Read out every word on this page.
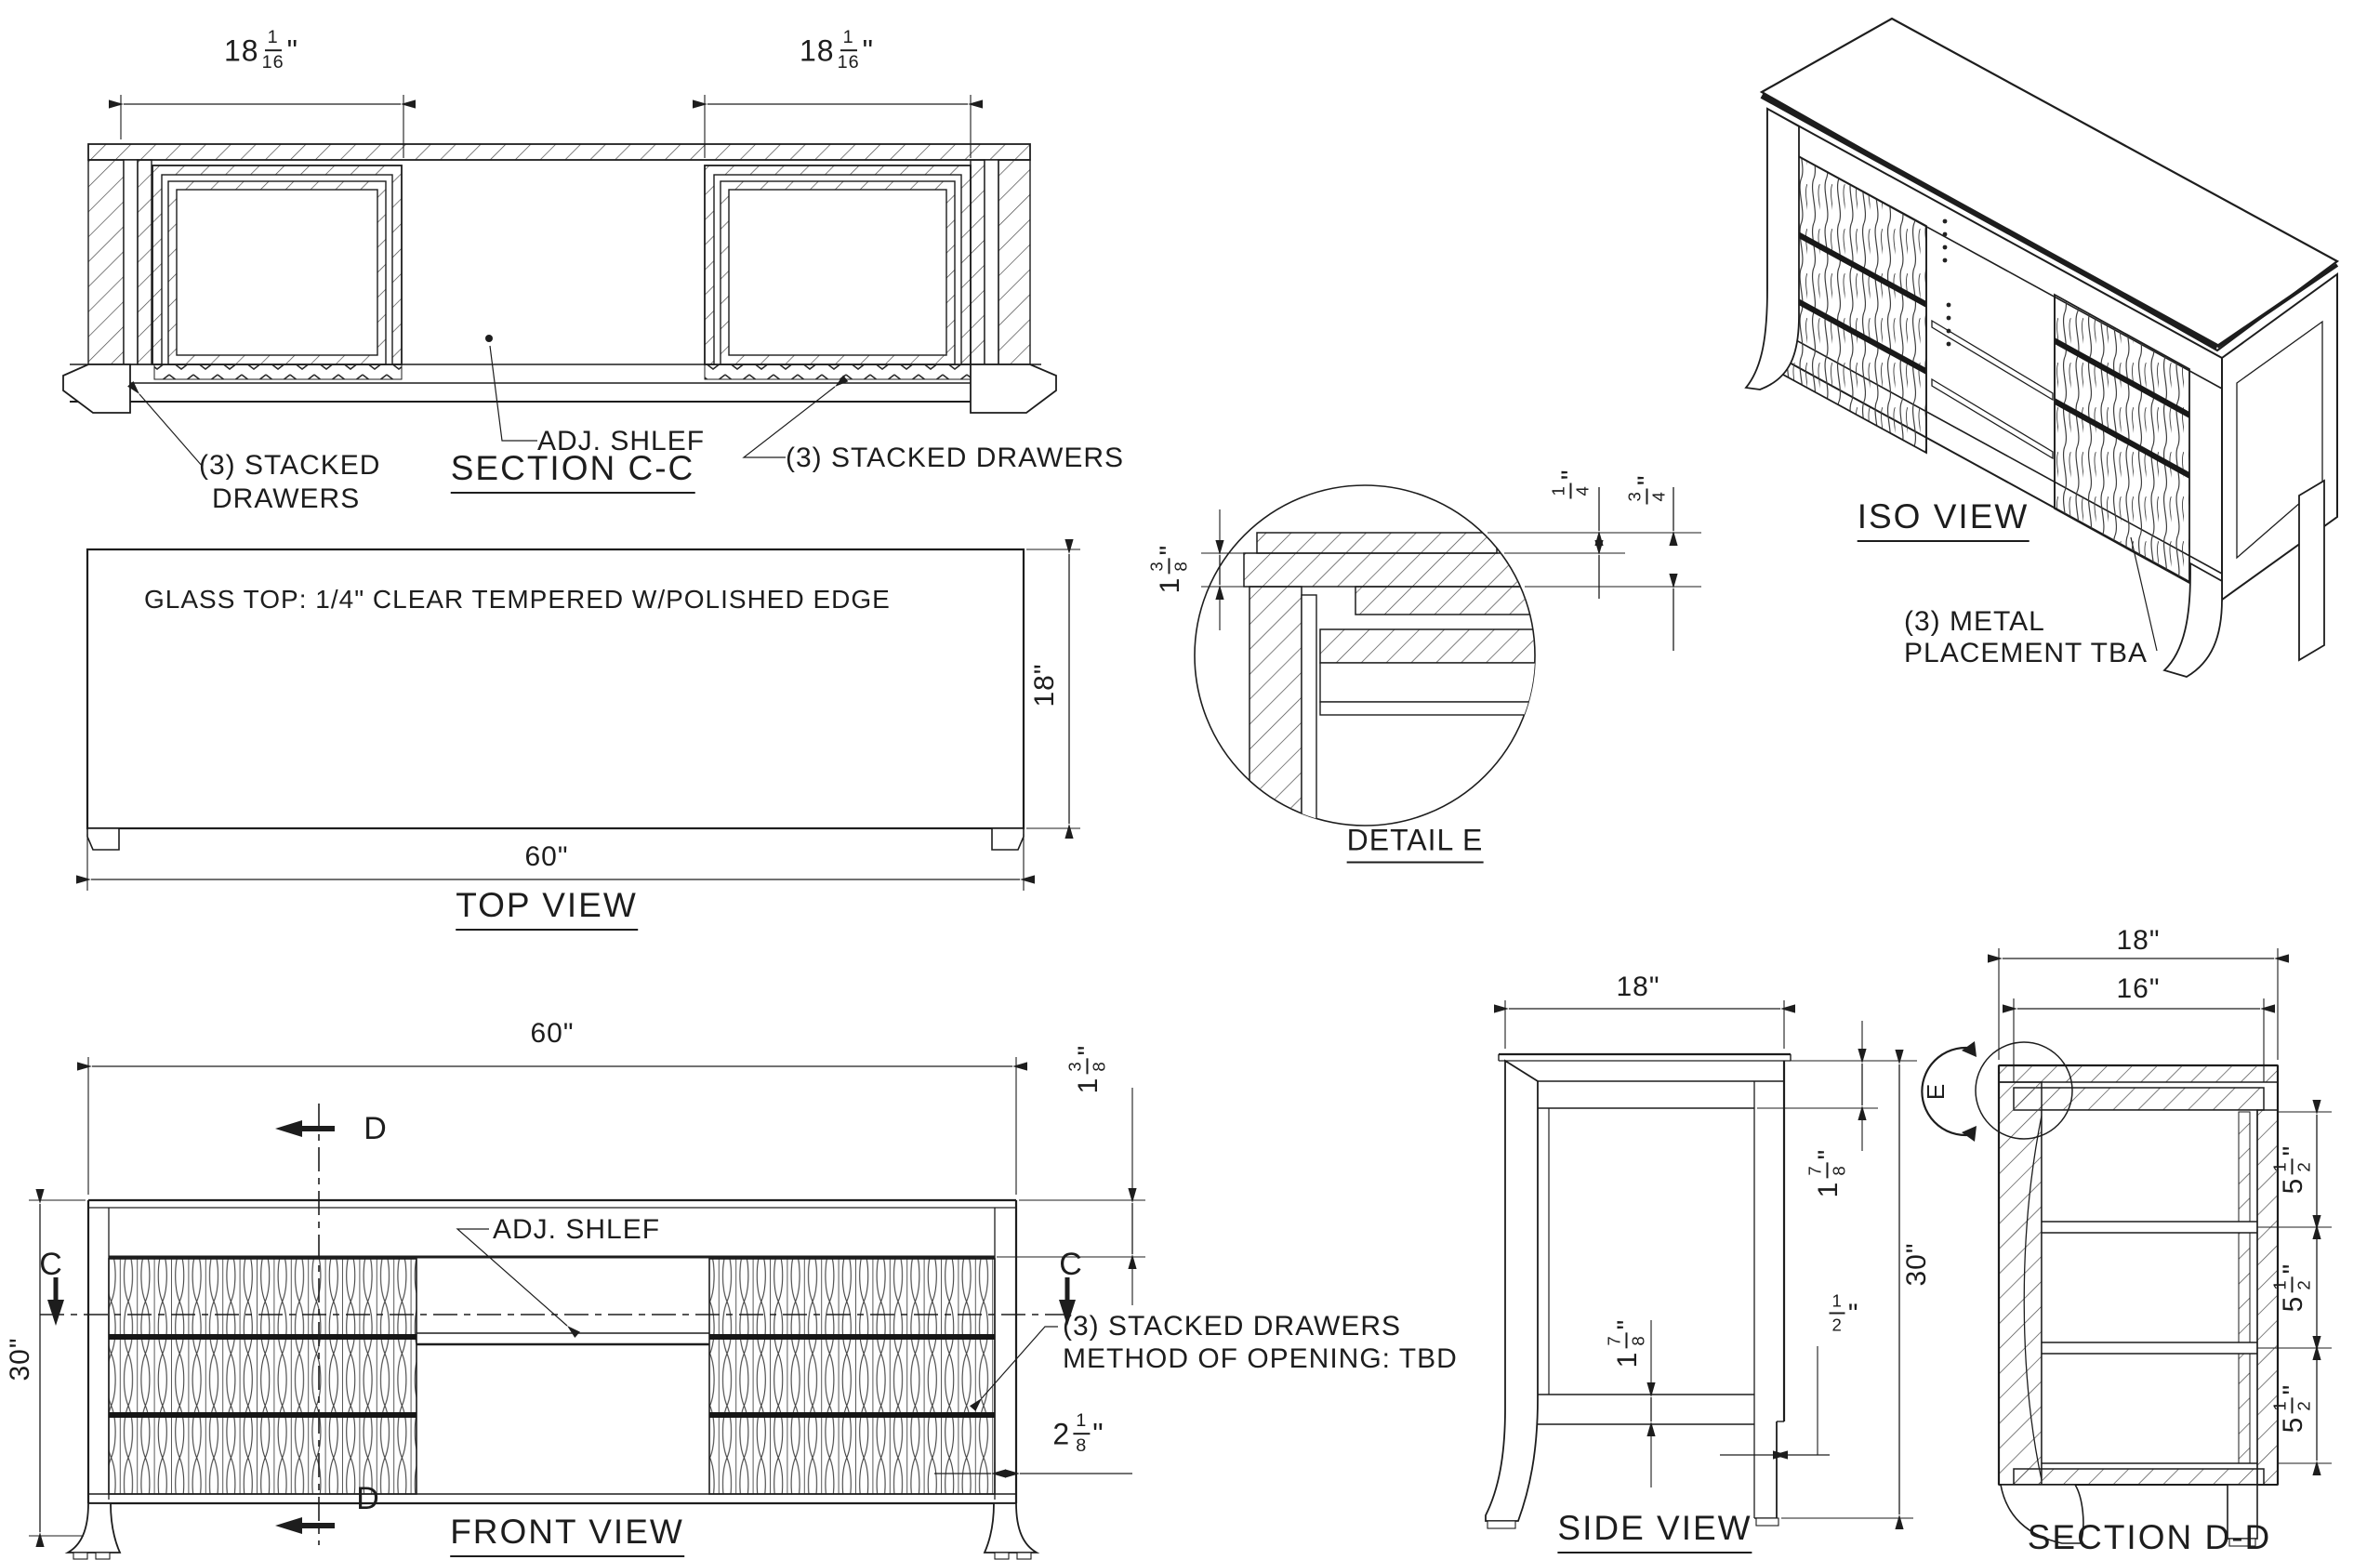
$18 \frac{1}{16}$ "	$18 \frac{1}{16}$ "
(3) STACKED
DRAWERS
ADJ. SHLEF
SECTION C-C	(3) STACKED DRAWERS
GLASS TOP: 1/4" CLEAR TEMPERED W/POLISHED EDGE
18"
60"
TOP VIEW
1
3 8
"
1 4
"
3 4
"
DETAIL E
ISO VIEW
(3) METAL
PLACEMENT TBA
60"
D
D
C	C
30"
1
3 8
"
ADJ. SHLEF
(3) STACKED DRAWERS
METHOD OF OPENING: TBD
$2 \frac{1}{8}$ "
FRONT VIEW
18"
1
7 8
"
30"
1
7 8
"	$\frac{1}{2}$ "
SIDE VIEW
18"
16"
E
5
1 2
"
5
1 2
"
5
1 2
"
SECTION D-D
